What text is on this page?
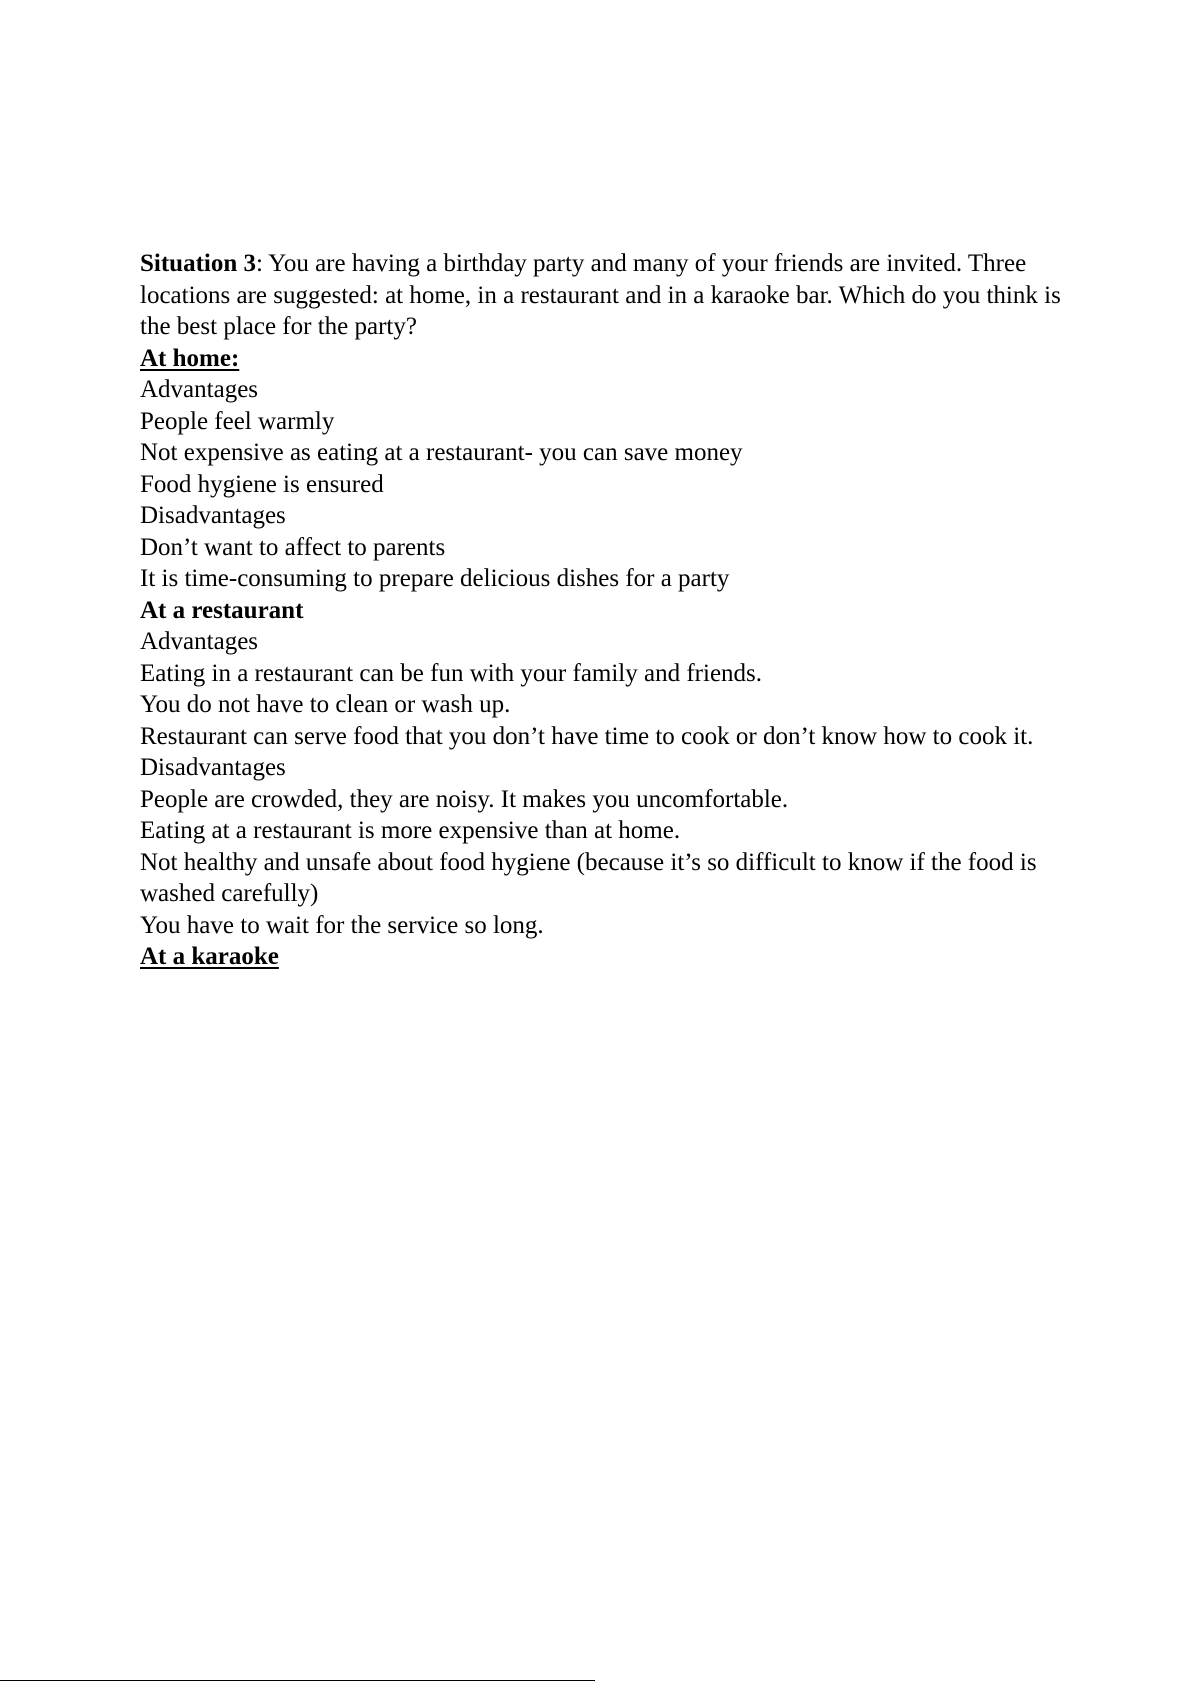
Situation 3: You are having a birthday party and many of your friends are invited. Three locations are suggested: at home, in a restaurant and in a karaoke bar. Which do you think is the best place for the party?
At home:
Advantages
People feel warmly
Not expensive as eating at a restaurant- you can save money
Food hygiene is ensured
Disadvantages
Don’t want to affect to parents
It is time-consuming to prepare delicious dishes for a party
At a restaurant
Advantages
Eating in a restaurant can be fun with your family and friends.
You do not have to clean or wash up.
Restaurant can serve food that you don’t have time to cook or don’t know how to cook it.
Disadvantages
People are crowded, they are noisy. It makes you uncomfortable.
Eating at a restaurant is more expensive than at home.
Not healthy and unsafe about food hygiene (because it’s so difficult to know if the food is washed carefully)
You have to wait for the service so long.
At a karaoke
